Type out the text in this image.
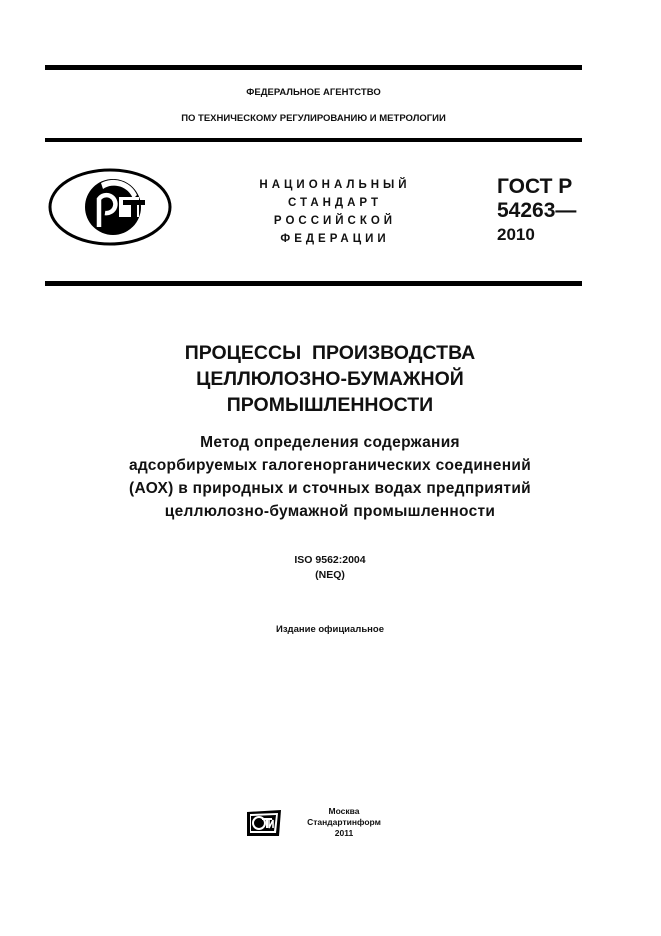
ФЕДЕРАЛЬНОЕ АГЕНТСТВО
ПО ТЕХНИЧЕСКОМУ РЕГУЛИРОВАНИЮ И МЕТРОЛОГИИ
НАЦИОНАЛЬНЫЙ
СТАНДАРТ
РОССИЙСКОЙ
ФЕДЕРАЦИИ
ГОСТ Р
54263—
2010
ПРОЦЕССЫ  ПРОИЗВОДСТВА
ЦЕЛЛЮЛОЗНО-БУМАЖНОЙ
ПРОМЫШЛЕННОСТИ
Метод определения содержания
адсорбируемых галогенорганических соединений
(АОХ) в природных и сточных водах предприятий
целлюлозно-бумажной промышленности
ISO 9562:2004
(NEQ)
Издание официальное
Москва
Стандартинформ
2011
